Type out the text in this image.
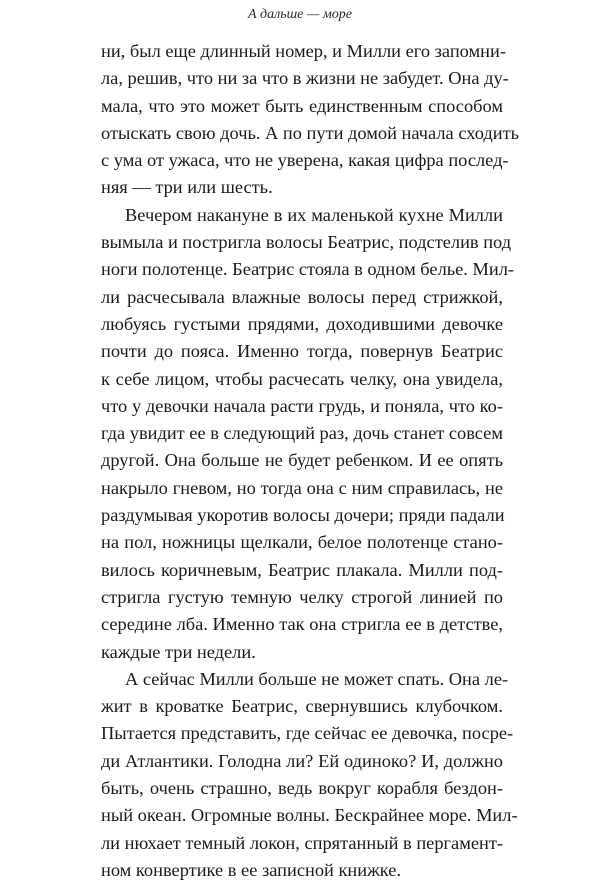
А дальше — море
ни, был еще длинный номер, и Милли его запомни-
ла, решив, что ни за что в жизни не забудет. Она ду-
мала, что это может быть единственным способом
отыскать свою дочь. А по пути домой начала сходить
с ума от ужаса, что не уверена, какая цифра послед-
няя — три или шесть.
Вечером накануне в их маленькой кухне Милли
вымыла и постригла волосы Беатрис, подстелив под
ноги полотенце. Беатрис стояла в одном белье. Мил-
ли расчесывала влажные волосы перед стрижкой,
любуясь густыми прядями, доходившими девочке
почти до пояса. Именно тогда, повернув Беатрис
к себе лицом, чтобы расчесать челку, она увидела,
что у девочки начала расти грудь, и поняла, что ко-
гда увидит ее в следующий раз, дочь станет совсем
другой. Она больше не будет ребенком. И ее опять
накрыло гневом, но тогда она с ним справилась, не
раздумывая укоротив волосы дочери; пряди падали
на пол, ножницы щелкали, белое полотенце стано-
вилось коричневым, Беатрис плакала. Милли под-
стригла густую темную челку строгой линией по
середине лба. Именно так она стригла ее в детстве,
каждые три недели.
А сейчас Милли больше не может спать. Она ле-
жит в кроватке Беатрис, свернувшись клубочком.
Пытается представить, где сейчас ее девочка, посре-
ди Атлантики. Голодна ли? Ей одиноко? И, должно
быть, очень страшно, ведь вокруг корабля бездон-
ный океан. Огромные волны. Бескрайнее море. Мил-
ли нюхает темный локон, спрятанный в пергамент-
ном конвертике в ее записной книжке.
